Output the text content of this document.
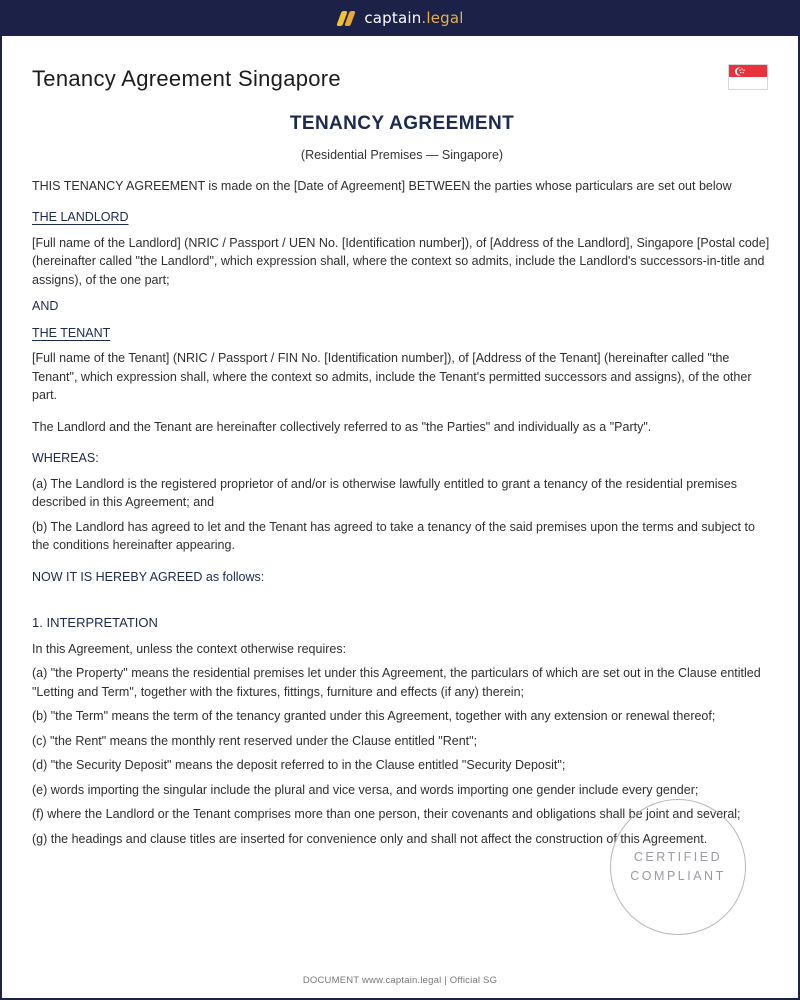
captain.legal
Tenancy Agreement Singapore
TENANCY AGREEMENT
(Residential Premises — Singapore)

THIS TENANCY AGREEMENT is made on the [Date of Agreement] BETWEEN the parties whose particulars are set out below

THE LANDLORD

[Full name of the Landlord] (NRIC / Passport / UEN No. [Identification number]), of [Address of the Landlord], Singapore [Postal code] (hereinafter called "the Landlord", which expression shall, where the context so admits, include the Landlord's successors-in-title and assigns), of the one part;

AND

THE TENANT

[Full name of the Tenant] (NRIC / Passport / FIN No. [Identification number]), of [Address of the Tenant] (hereinafter called "the Tenant", which expression shall, where the context so admits, include the Tenant's permitted successors and assigns), of the other part.

The Landlord and the Tenant are hereinafter collectively referred to as "the Parties" and individually as a "Party".

WHEREAS:

(a) The Landlord is the registered proprietor of and/or is otherwise lawfully entitled to grant a tenancy of the residential premises described in this Agreement; and

(b) The Landlord has agreed to let and the Tenant has agreed to take a tenancy of the said premises upon the terms and subject to the conditions hereinafter appearing.

NOW IT IS HEREBY AGREED as follows:

1. INTERPRETATION

In this Agreement, unless the context otherwise requires:

(a) "the Property" means the residential premises let under this Agreement, the particulars of which are set out in the Clause entitled "Letting and Term", together with the fixtures, fittings, furniture and effects (if any) therein;

(b) "the Term" means the term of the tenancy granted under this Agreement, together with any extension or renewal thereof;

(c) "the Rent" means the monthly rent reserved under the Clause entitled "Rent";

(d) "the Security Deposit" means the deposit referred to in the Clause entitled "Security Deposit";

(e) words importing the singular include the plural and vice versa, and words importing one gender include every gender;

(f) where the Landlord or the Tenant comprises more than one person, their covenants and obligations shall be joint and several;

(g) the headings and clause titles are inserted for convenience only and shall not affect the construction of this Agreement.

CERTIFIED
COMPLIANT
DOCUMENT www.captain.legal | Official SG
